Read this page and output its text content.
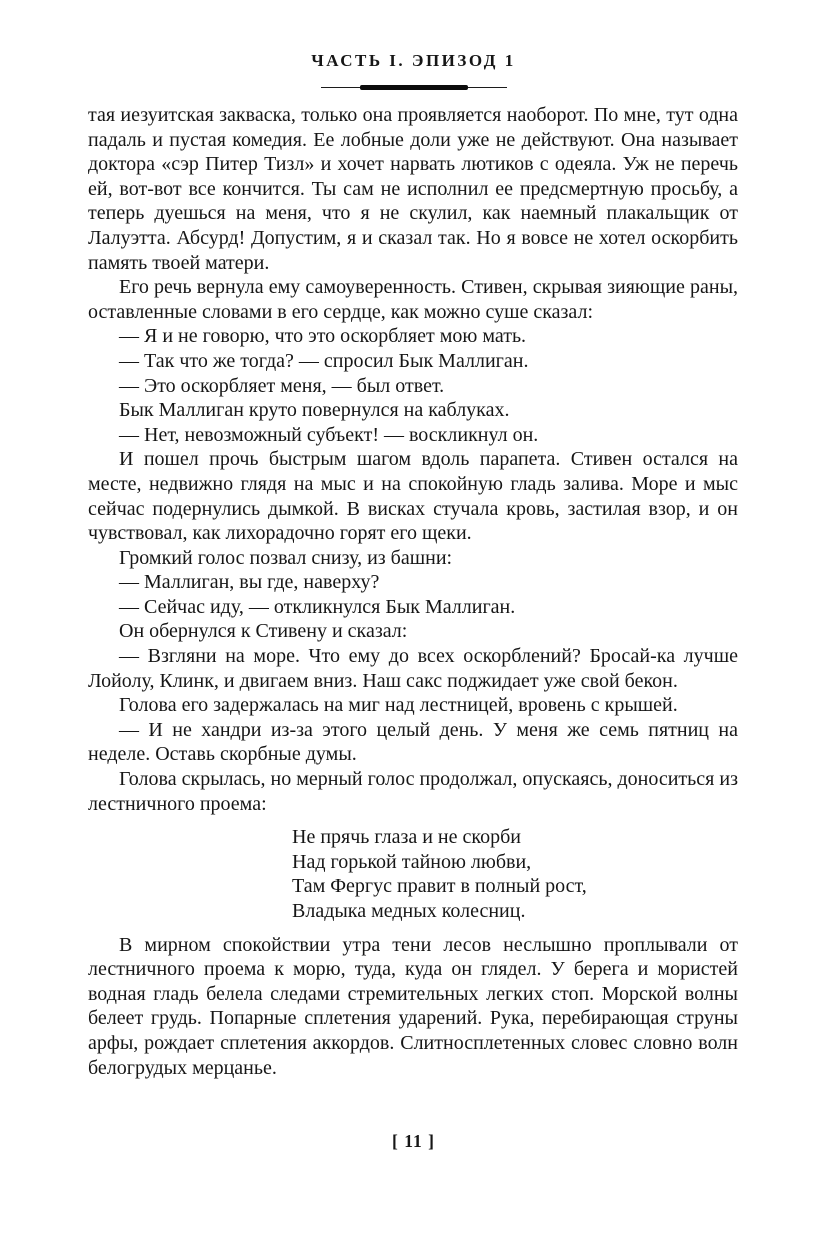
ЧАСТЬ I. ЭПИЗОД 1

тая иезуитская закваска, только она проявляется наоборот. По мне, тут одна падаль и пустая комедия. Ее лобные доли уже не действуют. Она называет доктора «сэр Питер Тизл» и хочет нарвать лютиков с одеяла. Уж не перечь ей, вот-вот все кончится. Ты сам не исполнил ее предсмертную просьбу, а теперь дуешься на меня, что я не скулил, как наемный плакальщик от Лалуэтта. Абсурд! Допустим, я и сказал так. Но я вовсе не хотел оскорбить память твоей матери.

Его речь вернула ему самоуверенность. Стивен, скрывая зияющие раны, оставленные словами в его сердце, как можно суше сказал:

— Я и не говорю, что это оскорбляет мою мать.

— Так что же тогда? — спросил Бык Маллиган.

— Это оскорбляет меня, — был ответ.

Бык Маллиган круто повернулся на каблуках.

— Нет, невозможный субъект! — воскликнул он.

И пошел прочь быстрым шагом вдоль парапета. Стивен остался на месте, недвижно глядя на мыс и на спокойную гладь залива. Море и мыс сейчас подернулись дымкой. В висках стучала кровь, застилая взор, и он чувствовал, как лихорадочно горят его щеки.

Громкий голос позвал снизу, из башни:

— Маллиган, вы где, наверху?

— Сейчас иду, — откликнулся Бык Маллиган.

Он обернулся к Стивену и сказал:

— Взгляни на море. Что ему до всех оскорблений? Бросай-ка лучше Лойолу, Клинк, и двигаем вниз. Наш сакс поджидает уже свой бекон.

Голова его задержалась на миг над лестницей, вровень с крышей.

— И не хандри из-за этого целый день. У меня же семь пятниц на неделе. Оставь скорбные думы.

Голова скрылась, но мерный голос продолжал, опускаясь, доноситься из лестничного проема:

Не прячь глаза и не скорби
Над горькой тайною любви,
Там Фергус правит в полный рост,
Владыка медных колесниц.

В мирном спокойствии утра тени лесов неслышно проплывали от лестничного проема к морю, туда, куда он глядел. У берега и мористей водная гладь белела следами стремительных легких стоп. Морской волны белеет грудь. Попарные сплетения ударений. Рука, перебирающая струны арфы, рождает сплетения аккордов. Слитносплетенных словес словно волн белогрудых мерцанье.

[ 11 ]
